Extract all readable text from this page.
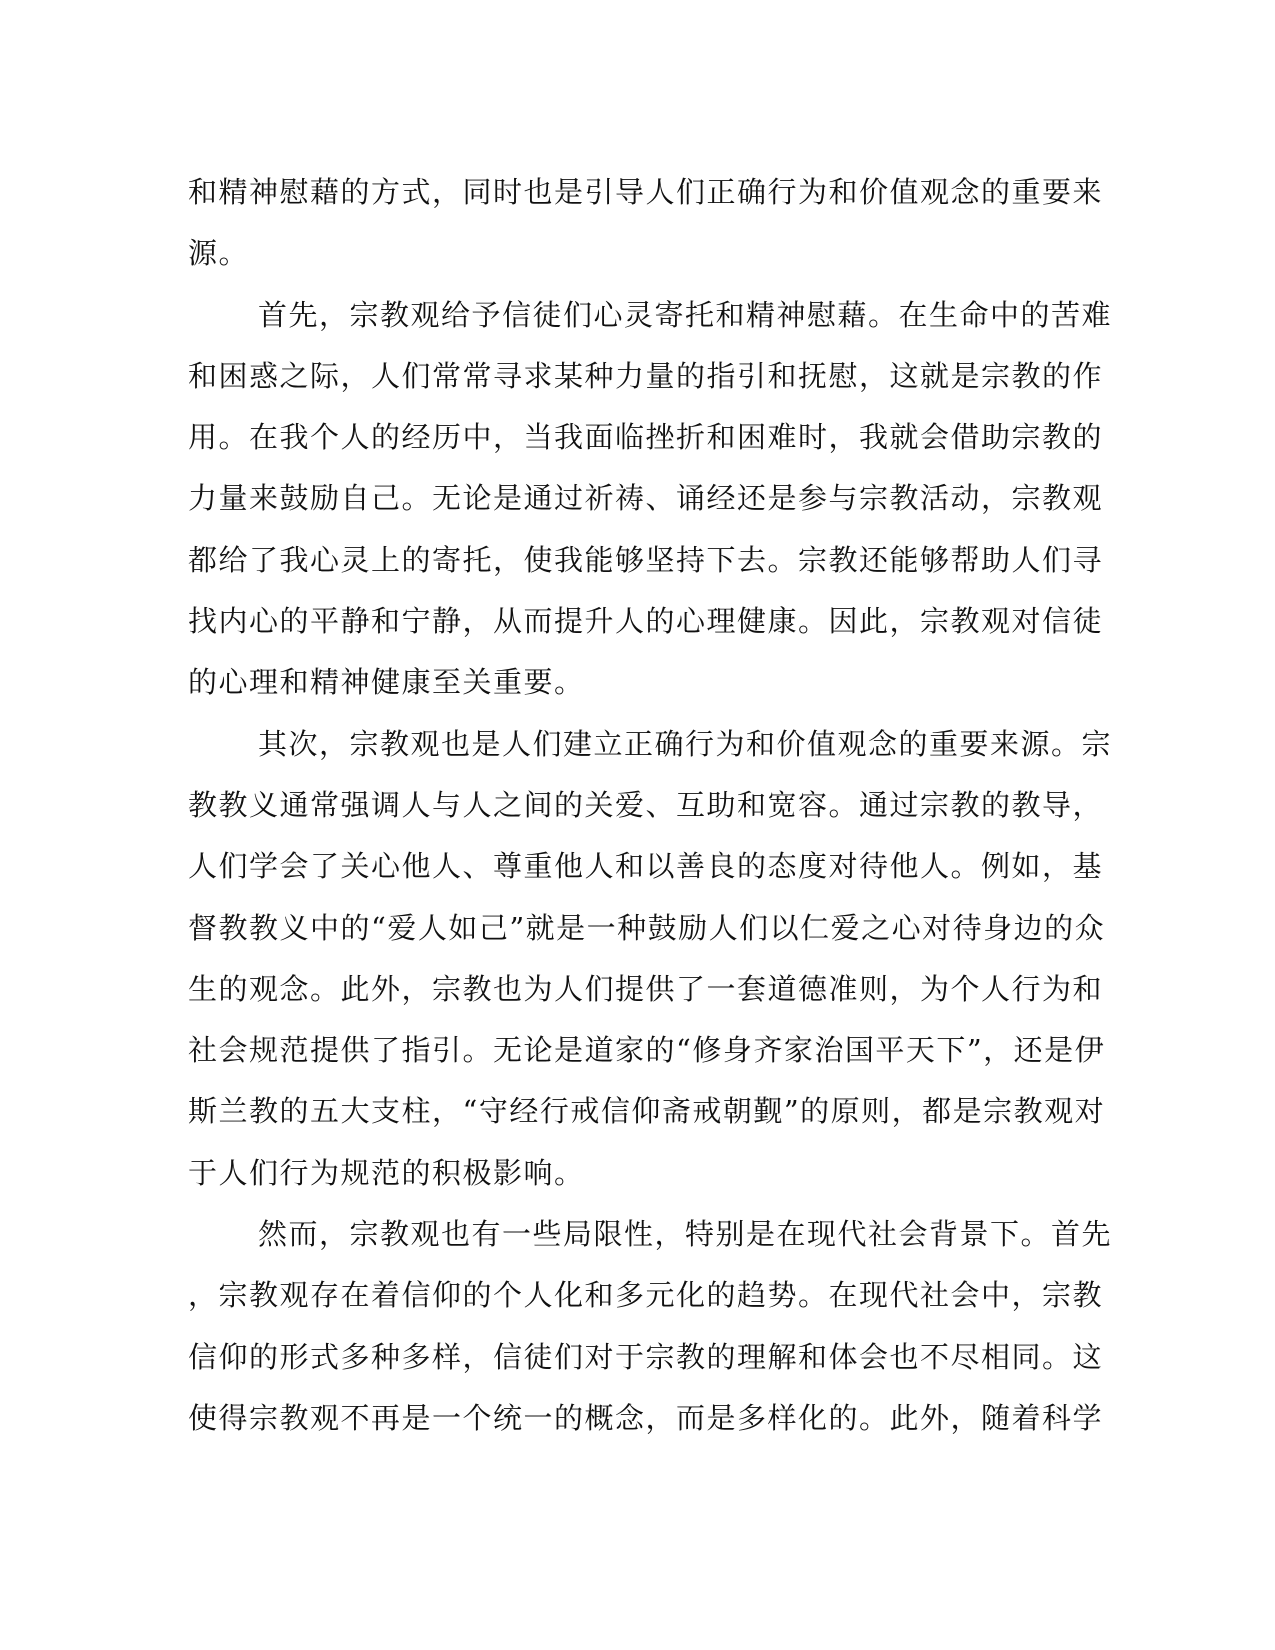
和精神慰藉的方式，同时也是引导人们正确行为和价值观念的重要来
源。
首先，宗教观给予信徒们心灵寄托和精神慰藉。在生命中的苦难
和困惑之际，人们常常寻求某种力量的指引和抚慰，这就是宗教的作
用。在我个人的经历中，当我面临挫折和困难时，我就会借助宗教的
力量来鼓励自己。无论是通过祈祷、诵经还是参与宗教活动，宗教观
都给了我心灵上的寄托，使我能够坚持下去。宗教还能够帮助人们寻
找内心的平静和宁静，从而提升人的心理健康。因此，宗教观对信徒
的心理和精神健康至关重要。
其次，宗教观也是人们建立正确行为和价值观念的重要来源。宗
教教义通常强调人与人之间的关爱、互助和宽容。通过宗教的教导，
人们学会了关心他人、尊重他人和以善良的态度对待他人。例如，基
督教教义中的“爱人如己”就是一种鼓励人们以仁爱之心对待身边的众
生的观念。此外，宗教也为人们提供了一套道德准则，为个人行为和
社会规范提供了指引。无论是道家的“修身齐家治国平天下”，还是伊
斯兰教的五大支柱，“守经行戒信仰斋戒朝觐”的原则，都是宗教观对
于人们行为规范的积极影响。
然而，宗教观也有一些局限性，特别是在现代社会背景下。首先
，宗教观存在着信仰的个人化和多元化的趋势。在现代社会中，宗教
信仰的形式多种多样，信徒们对于宗教的理解和体会也不尽相同。这
使得宗教观不再是一个统一的概念，而是多样化的。此外，随着科学
